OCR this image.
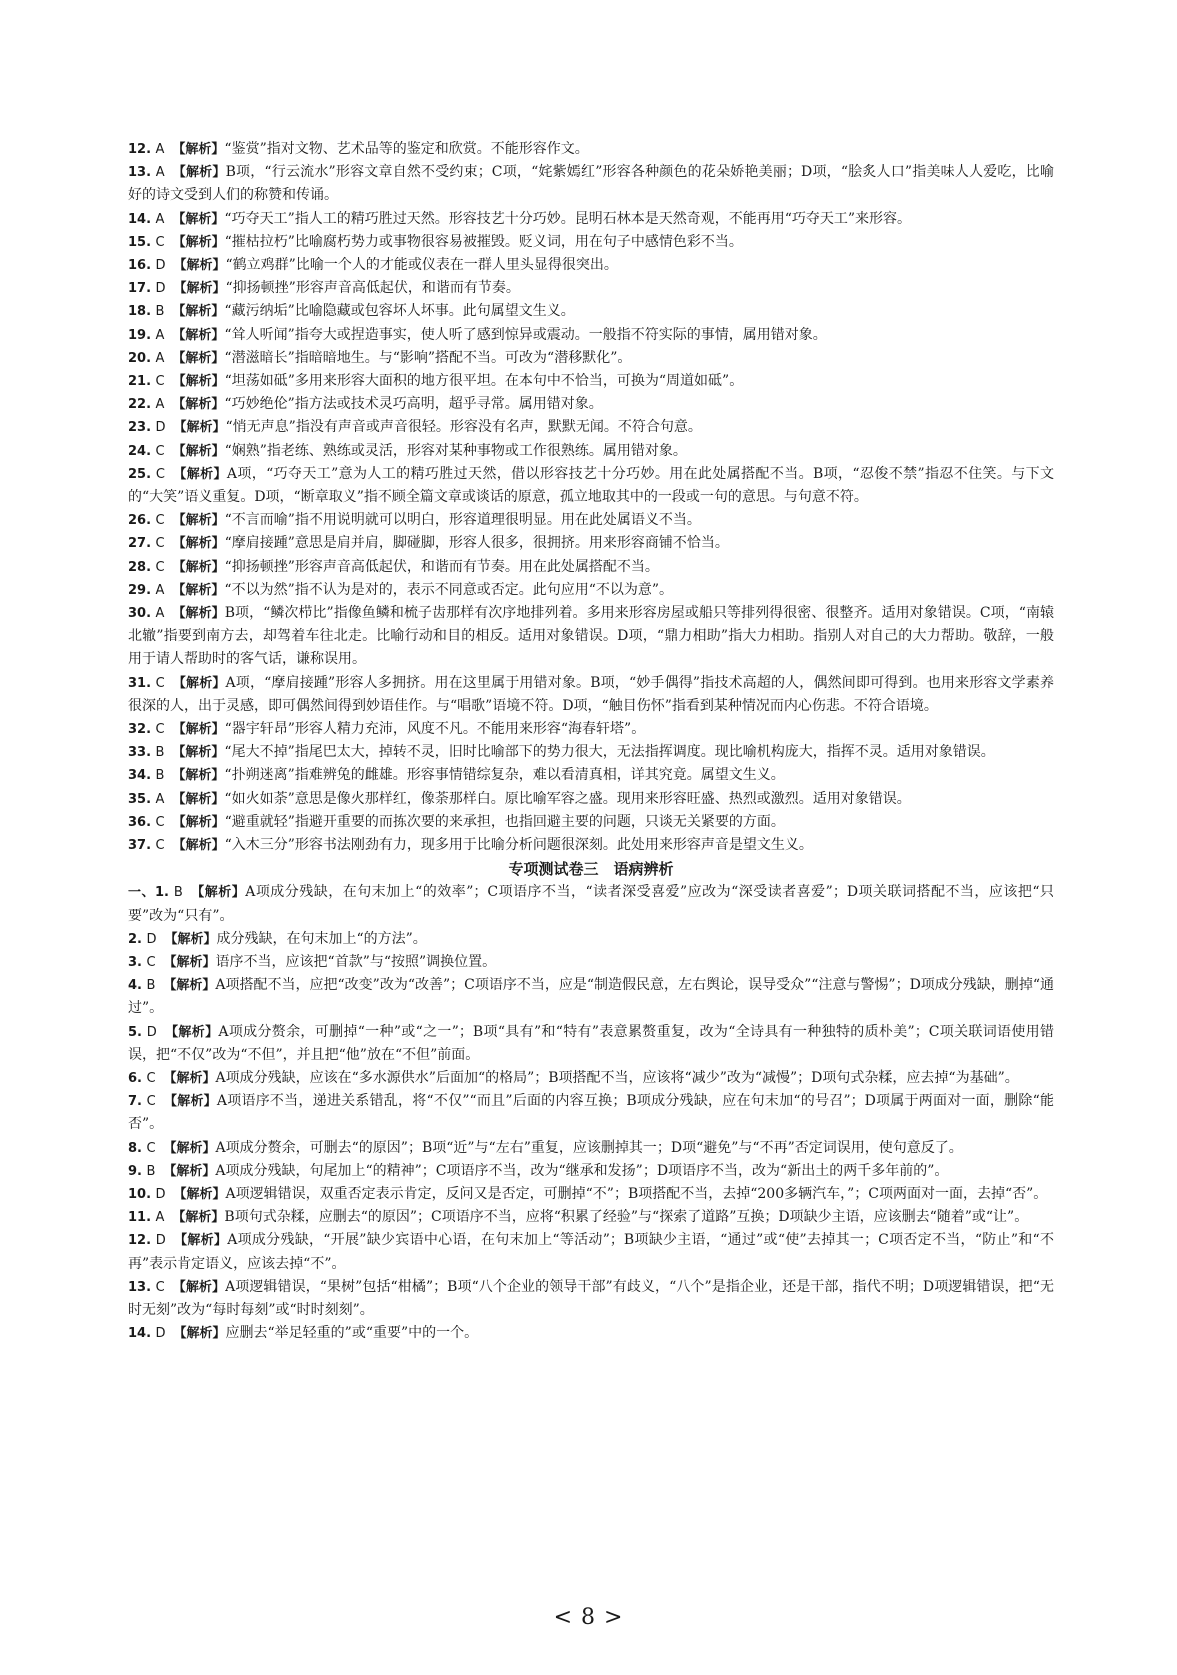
12. A 【解析】“鉴赏”指对文物、艺术品等的鉴定和欣赏。不能形容作文。

13. A 【解析】B项，“行云流水”形容文章自然不受约束；C项，“姹紫嫣红”形容各种颜色的花朵娇艳美丽；D项，“脍炙人口”指美味人人爱吃，比喻好的诗文受到人们的称赞和传诵。

14. A 【解析】“巧夺天工”指人工的精巧胜过天然。形容技艺十分巧妙。昆明石林本是天然奇观，不能再用“巧夺天工”来形容。

15. C 【解析】“摧枯拉朽”比喻腐朽势力或事物很容易被摧毁。贬义词，用在句子中感情色彩不当。

16. D 【解析】“鹤立鸡群”比喻一个人的才能或仪表在一群人里头显得很突出。

17. D 【解析】“抑扬顿挫”形容声音高低起伏，和谐而有节奏。

18. B 【解析】“藏污纳垢”比喻隐藏或包容坏人坏事。此句属望文生义。

19. A 【解析】“耸人听闻”指夸大或捏造事实，使人听了感到惊异或震动。一般指不符实际的事情，属用错对象。

20. A 【解析】“潜滋暗长”指暗暗地生。与“影响”搭配不当。可改为“潜移默化”。

21. C 【解析】“坦荡如砥”多用来形容大面积的地方很平坦。在本句中不恰当，可换为“周道如砥”。

22. A 【解析】“巧妙绝伦”指方法或技术灵巧高明，超乎寻常。属用错对象。

23. D 【解析】“悄无声息”指没有声音或声音很轻。形容没有名声，默默无闻。不符合句意。

24. C 【解析】“娴熟”指老练、熟练或灵活，形容对某种事物或工作很熟练。属用错对象。

25. C 【解析】A项，“巧夺天工”意为人工的精巧胜过天然，借以形容技艺十分巧妙。用在此处属搭配不当。B项，“忍俊不禁”指忍不住笑。与下文的“大笑”语义重复。D项，“断章取义”指不顾全篇文章或谈话的原意，孤立地取其中的一段或一句的意思。与句意不符。

26. C 【解析】“不言而喻”指不用说明就可以明白，形容道理很明显。用在此处属语义不当。

27. C 【解析】“摩肩接踵”意思是肩并肩，脚碰脚，形容人很多，很拥挤。用来形容商铺不恰当。

28. C 【解析】“抑扬顿挫”形容声音高低起伏，和谐而有节奏。用在此处属搭配不当。

29. A 【解析】“不以为然”指不认为是对的，表示不同意或否定。此句应用“不以为意”。

30. A 【解析】B项，“鳞次栉比”指像鱼鳞和梳子齿那样有次序地排列着。多用来形容房屋或船只等排列得很密、很整齐。适用对象错误。C项，“南辕北辙”指要到南方去，却驾着车往北走。比喻行动和目的相反。适用对象错误。D项，“鼎力相助”指大力相助。指别人对自己的大力帮助。敬辞，一般用于请人帮助时的客气话，谦称误用。

31. C 【解析】A项，“摩肩接踵”形容人多拥挤。用在这里属于用错对象。B项，“妙手偶得”指技术高超的人，偶然间即可得到。也用来形容文学素养很深的人，出于灵感，即可偶然间得到妙语佳作。与“唱歌”语境不符。D项，“触目伤怀”指看到某种情况而内心伤悲。不符合语境。

32. C 【解析】“器宇轩昂”形容人精力充沛，风度不凡。不能用来形容“海春轩塔”。

33. B 【解析】“尾大不掉”指尾巴太大，掉转不灵，旧时比喻部下的势力很大，无法指挥调度。现比喻机构庞大，指挥不灵。适用对象错误。

34. B 【解析】“扑朔迷离”指难辨兔的雌雄。形容事情错综复杂，难以看清真相，详其究竟。属望文生义。

35. A 【解析】“如火如荼”意思是像火那样红，像荼那样白。原比喻军容之盛。现用来形容旺盛、热烈或激烈。适用对象错误。

36. C 【解析】“避重就轻”指避开重要的而拣次要的来承担，也指回避主要的问题，只谈无关紧要的方面。

37. C 【解析】“入木三分”形容书法刚劲有力，现多用于比喻分析问题很深刻。此处用来形容声音是望文生义。

专项测试卷三　语病辨析

一、1. B 【解析】A项成分残缺，在句末加上“的效率”；C项语序不当，“读者深受喜爱”应改为“深受读者喜爱”；D项关联词搭配不当，应该把“只要”改为“只有”。

2. D 【解析】成分残缺，在句末加上“的方法”。

3. C 【解析】语序不当，应该把“首款”与“按照”调换位置。

4. B 【解析】A项搭配不当，应把“改变”改为“改善”；C项语序不当，应是“制造假民意，左右舆论，误导受众”“注意与警惕”；D项成分残缺，删掉“通过”。

5. D 【解析】A项成分赘余，可删掉“一种”或“之一”；B项“具有”和“特有”表意累赘重复，改为“全诗具有一种独特的质朴美”；C项关联词语使用错误，把“不仅”改为“不但”，并且把“他”放在“不但”前面。

6. C 【解析】A项成分残缺，应该在“多水源供水”后面加“的格局”；B项搭配不当，应该将“减少”改为“减慢”；D项句式杂糅，应去掉“为基础”。

7. C 【解析】A项语序不当，递进关系错乱，将“不仅”“而且”后面的内容互换；B项成分残缺，应在句末加“的号召”；D项属于两面对一面，删除“能否”。

8. C 【解析】A项成分赘余，可删去“的原因”；B项“近”与“左右”重复，应该删掉其一；D项“避免”与“不再”否定词误用，使句意反了。

9. B 【解析】A项成分残缺，句尾加上“的精神”；C项语序不当，改为“继承和发扬”；D项语序不当，改为“新出土的两千多年前的”。

10. D 【解析】A项逻辑错误，双重否定表示肯定，反问又是否定，可删掉“不”；B项搭配不当，去掉“200多辆汽车，”；C项两面对一面，去掉“否”。

11. A 【解析】B项句式杂糅，应删去“的原因”；C项语序不当，应将“积累了经验”与“探索了道路”互换；D项缺少主语，应该删去“随着”或“让”。

12. D 【解析】A项成分残缺，“开展”缺少宾语中心语，在句末加上“等活动”；B项缺少主语，“通过”或“使”去掉其一；C项否定不当，“防止”和“不再”表示肯定语义，应该去掉“不”。

13. C 【解析】A项逻辑错误，“果树”包括“柑橘”；B项“八个企业的领导干部”有歧义，“八个”是指企业，还是干部，指代不明；D项逻辑错误，把“无时无刻”改为“每时每刻”或“时时刻刻”。

14. D 【解析】应删去“举足轻重的”或“重要”中的一个。

< 8 >
